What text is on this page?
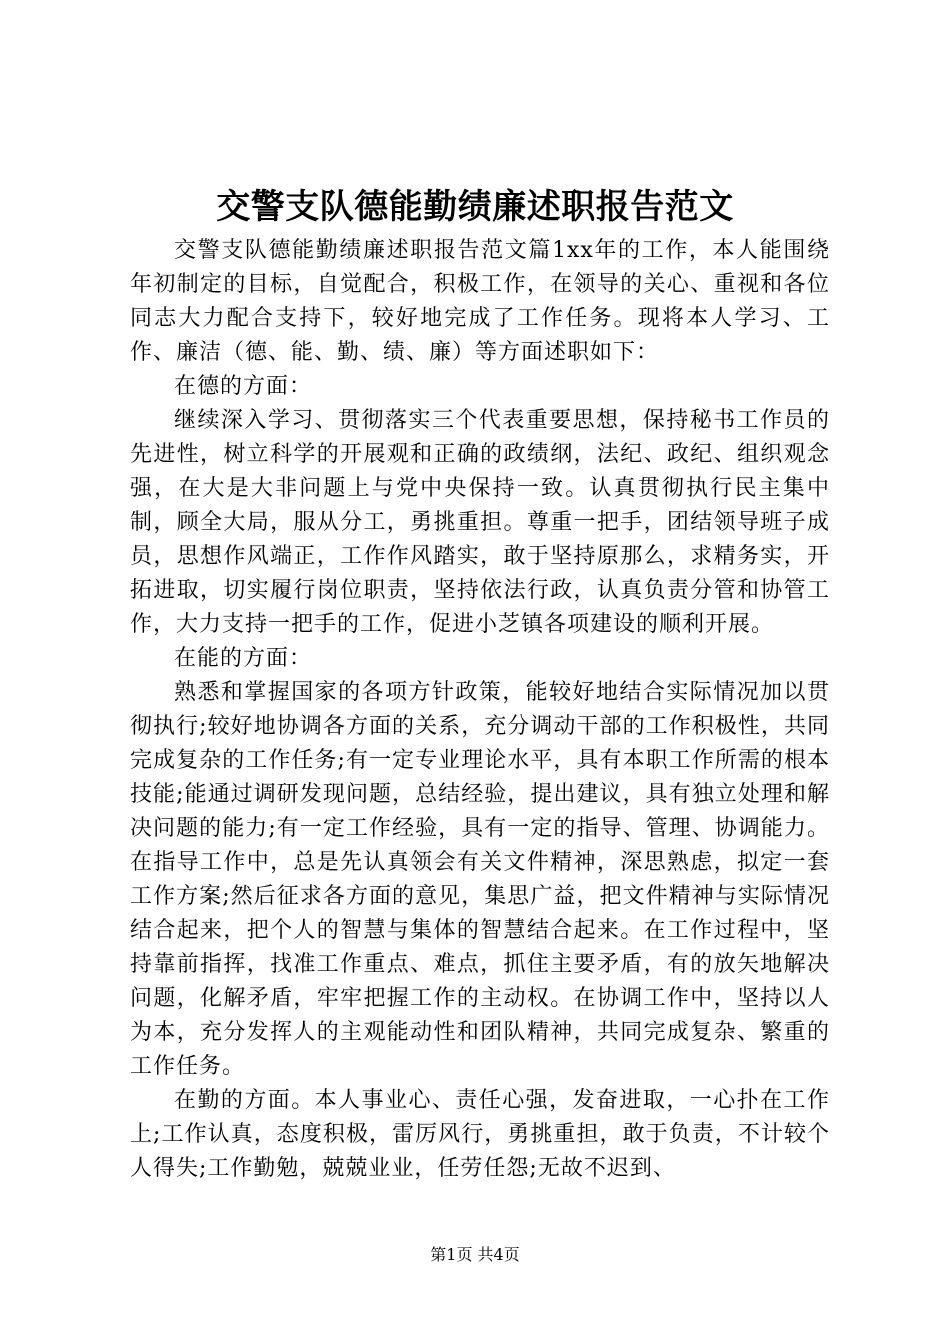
交警支队德能勤绩廉述职报告范文

交警支队德能勤绩廉述职报告范文篇1xx年的工作，本人能围绕年初制定的目标，自觉配合，积极工作，在领导的关心、重视和各位同志大力配合支持下，较好地完成了工作任务。现将本人学习、工作、廉洁（德、能、勤、绩、廉）等方面述职如下：

在德的方面：

继续深入学习、贯彻落实三个代表重要思想，保持秘书工作员的先进性，树立科学的开展观和正确的政绩纲，法纪、政纪、组织观念强，在大是大非问题上与党中央保持一致。认真贯彻执行民主集中制，顾全大局，服从分工，勇挑重担。尊重一把手，团结领导班子成员，思想作风端正，工作作风踏实，敢于坚持原那么，求精务实，开拓进取，切实履行岗位职责，坚持依法行政，认真负责分管和协管工作，大力支持一把手的工作，促进小芝镇各项建设的顺利开展。

在能的方面：

熟悉和掌握国家的各项方针政策，能较好地结合实际情况加以贯彻执行;较好地协调各方面的关系，充分调动干部的工作积极性，共同完成复杂的工作任务;有一定专业理论水平，具有本职工作所需的根本技能;能通过调研发现问题，总结经验，提出建议，具有独立处理和解决问题的能力;有一定工作经验，具有一定的指导、管理、协调能力。在指导工作中，总是先认真领会有关文件精神，深思熟虑，拟定一套工作方案;然后征求各方面的意见，集思广益，把文件精神与实际情况结合起来，把个人的智慧与集体的智慧结合起来。在工作过程中，坚持靠前指挥，找准工作重点、难点，抓住主要矛盾，有的放矢地解决问题，化解矛盾，牢牢把握工作的主动权。在协调工作中，坚持以人为本，充分发挥人的主观能动性和团队精神，共同完成复杂、繁重的工作任务。

在勤的方面。本人事业心、责任心强，发奋进取，一心扑在工作上;工作认真，态度积极，雷厉风行，勇挑重担，敢于负责，不计较个人得失;工作勤勉，兢兢业业，任劳任怨;无故不迟到、

第1页 共4页
